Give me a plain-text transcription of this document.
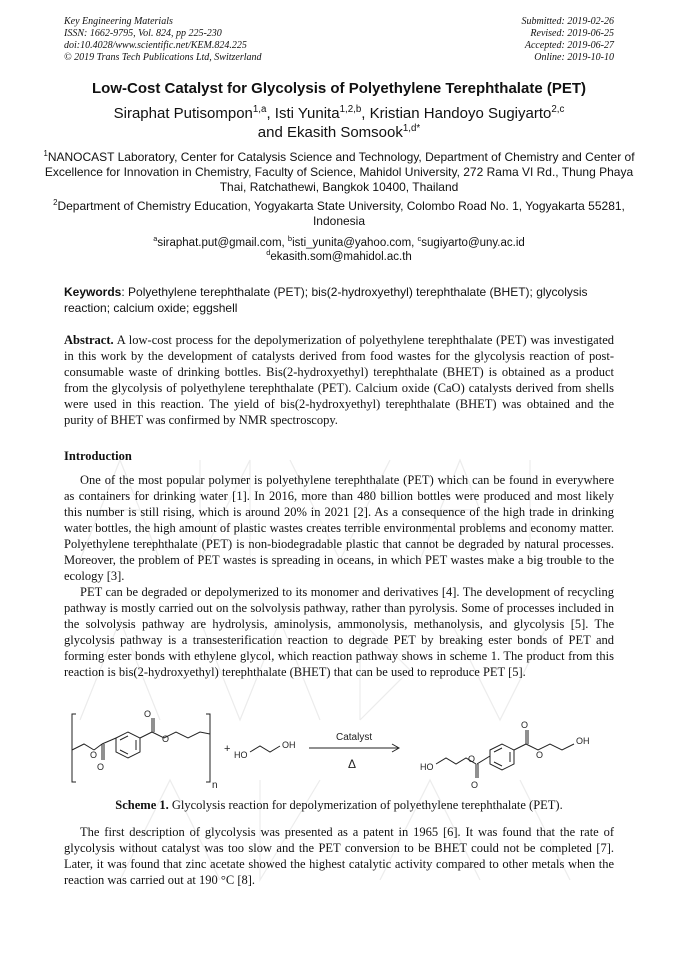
Key Engineering Materials
ISSN: 1662-9795, Vol. 824, pp 225-230
doi:10.4028/www.scientific.net/KEM.824.225
© 2019 Trans Tech Publications Ltd, Switzerland
Submitted: 2019-02-26
Revised: 2019-06-25
Accepted: 2019-06-27
Online: 2019-10-10
Low-Cost Catalyst for Glycolysis of Polyethylene Terephthalate (PET)
Siraphat Putisompon$^{1,a}$, Isti Yunita$^{1,2,b}$, Kristian Handoyo Sugiyarto$^{2,c}$
and Ekasith Somsook$^{1,d*}$
$^1$NANOCAST Laboratory, Center for Catalysis Science and Technology, Department of Chemistry and Center of Excellence for Innovation in Chemistry, Faculty of Science, Mahidol University, 272 Rama VI Rd., Thung Phaya Thai, Ratchathewi, Bangkok 10400, Thailand
$^2$Department of Chemistry Education, Yogyakarta State University, Colombo Road No. 1, Yogyakarta 55281, Indonesia
$^a$siraphat.put@gmail.com, $^b$isti_yunita@yahoo.com, $^c$sugiyarto@uny.ac.id
$^d$ekasith.som@mahidol.ac.th
Keywords: Polyethylene terephthalate (PET); bis(2-hydroxyethyl) terephthalate (BHET); glycolysis reaction; calcium oxide; eggshell
Abstract. A low-cost process for the depolymerization of polyethylene terephthalate (PET) was investigated in this work by the development of catalysts derived from food wastes for the glycolysis reaction of post-consumable waste of drinking bottles. Bis(2-hydroxyethyl) terephthalate (BHET) is obtained as a product from the glycolysis of polyethylene terephthalate (PET). Calcium oxide (CaO) catalysts derived from shells were used in this reaction. The yield of bis(2-hydroxyethyl) terephthalate (BHET) was obtained and the purity of BHET was confirmed by NMR spectroscopy.
Introduction
One of the most popular polymer is polyethylene terephthalate (PET) which can be found in everywhere as containers for drinking water [1]. In 2016, more than 480 billion bottles were produced and most likely this number is still rising, which is around 20% in 2021 [2]. As a consequence of the high trade in drinking water bottles, the high amount of plastic wastes creates terrible environmental problems and economy matter. Polyethylene terephthalate (PET) is non-biodegradable plastic that cannot be degraded by natural processes. Moreover, the problem of PET wastes is spreading in oceans, in which PET wastes make a big trouble to the ecology [3].
PET can be degraded or depolymerized to its monomer and derivatives [4]. The development of recycling pathway is mostly carried out on the solvolysis pathway, rather than pyrolysis. Some of processes included in the solvolysis pathway are hydrolysis, aminolysis, ammonolysis, methanolysis, and glycolysis [5]. The glycolysis pathway is a transesterification reaction to degrade PET by breaking ester bonds of PET and forming ester bonds with ethylene glycol, which reaction pathway shows in scheme 1. The product from this reaction is bis(2-hydroxyethyl) terephthalate (BHET) that can be used to reproduce PET [5].
O
O
O
O
n
+ HO
OH
Catalyst
Δ	HO
O
O
O
O
OH
Scheme 1. Glycolysis reaction for depolymerization of polyethylene terephthalate (PET).
The first description of glycolysis was presented as a patent in 1965 [6]. It was found that the rate of glycolysis without catalyst was too slow and the PET conversion to be BHET could not be completed [7]. Later, it was found that zinc acetate showed the highest catalytic activity compared to other metals when the reaction was carried out at 190 °C [8].
